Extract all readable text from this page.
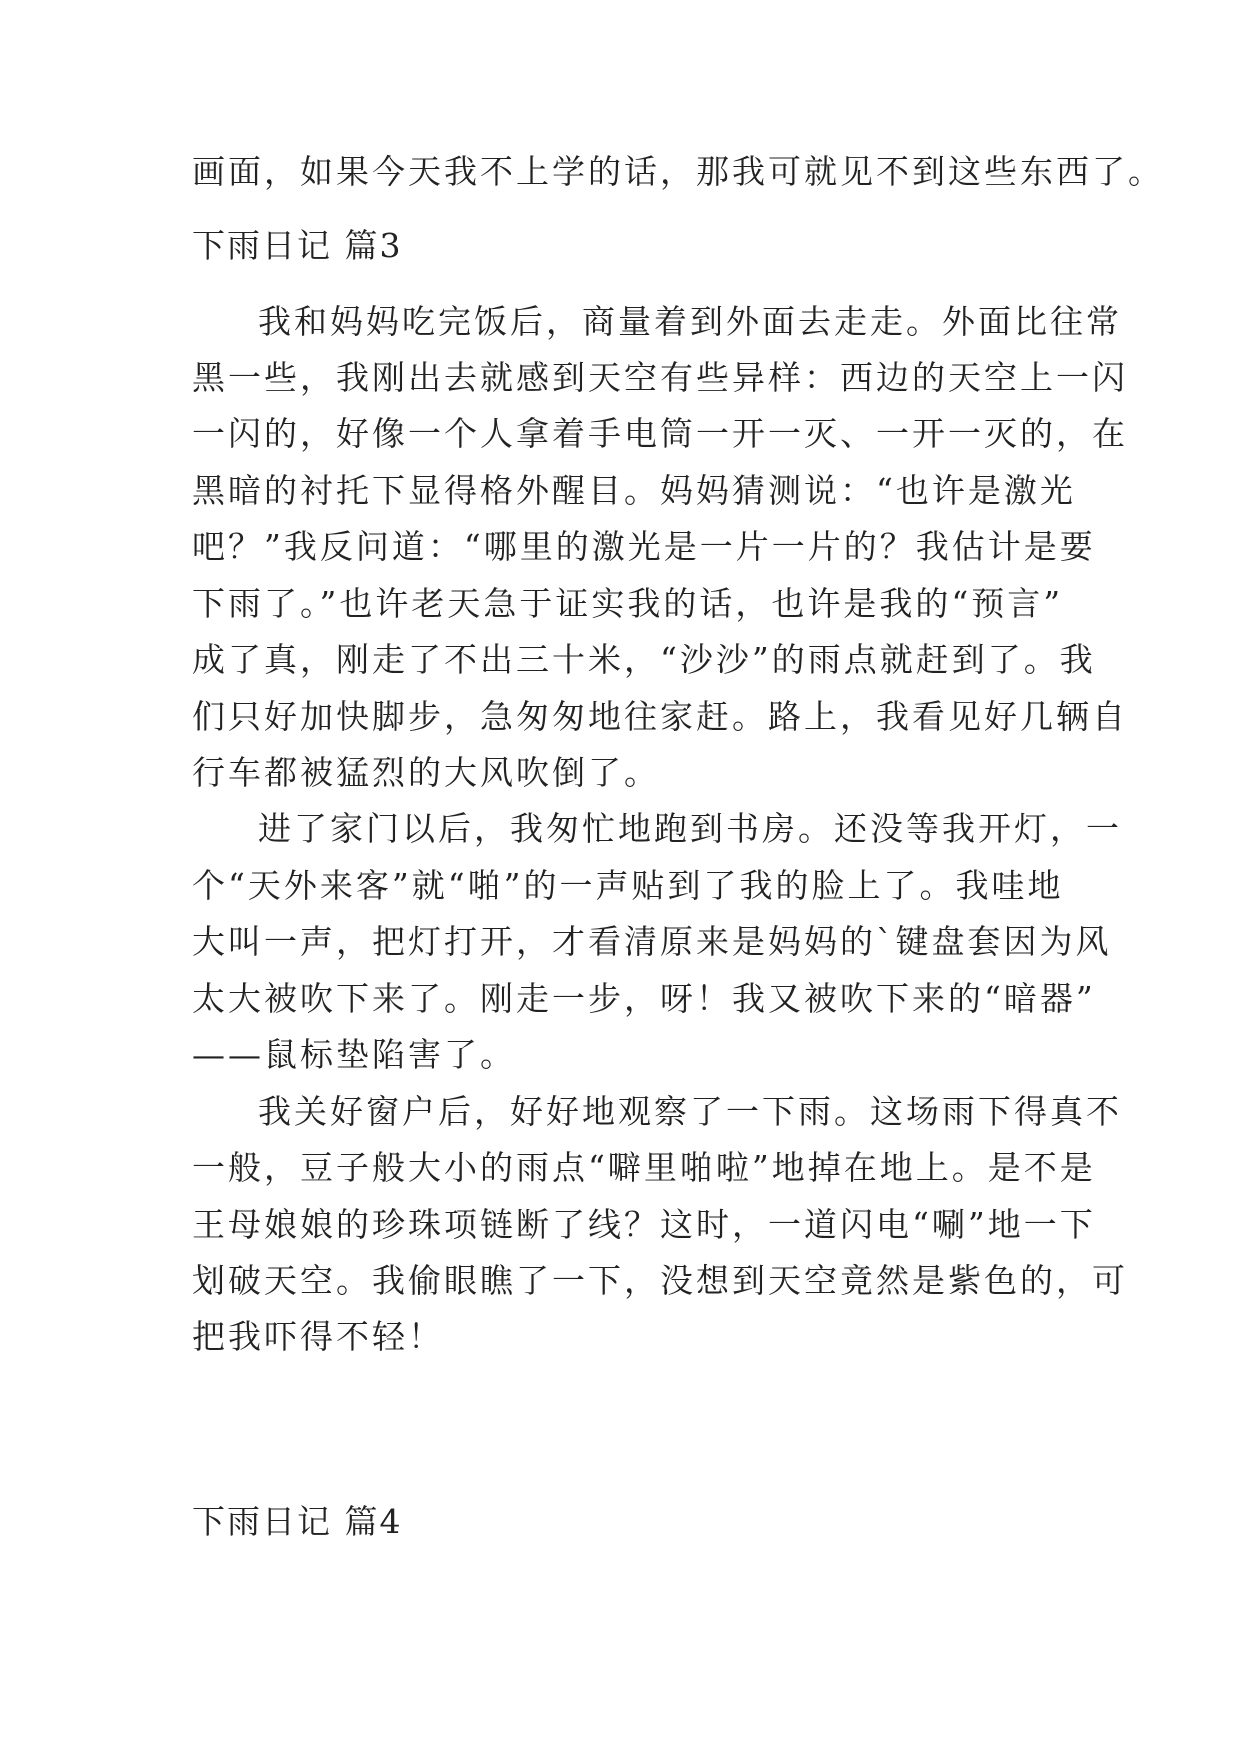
画面，如果今天我不上学的话，那我可就见不到这些东西了。
下雨日记 篇3
我和妈妈吃完饭后，商量着到外面去走走。外面比往常
黑一些，我刚出去就感到天空有些异样：西边的天空上一闪
一闪的，好像一个人拿着手电筒一开一灭、一开一灭的，在
黑暗的衬托下显得格外醒目。妈妈猜测说：“也许是激光
吧？”我反问道：“哪里的激光是一片一片的？我估计是要
下雨了。”也许老天急于证实我的话，也许是我的“预言”
成了真，刚走了不出三十米，“沙沙”的雨点就赶到了。我
们只好加快脚步，急匆匆地往家赶。路上，我看见好几辆自
行车都被猛烈的大风吹倒了。
进了家门以后，我匆忙地跑到书房。还没等我开灯，一
个“天外来客”就“啪”的一声贴到了我的脸上了。我哇地
大叫一声，把灯打开，才看清原来是妈妈的`键盘套因为风
太大被吹下来了。刚走一步，呀！我又被吹下来的“暗器”
——鼠标垫陷害了。
我关好窗户后，好好地观察了一下雨。这场雨下得真不
一般，豆子般大小的雨点“噼里啪啦”地掉在地上。是不是
王母娘娘的珍珠项链断了线？这时，一道闪电“唰”地一下
划破天空。我偷眼瞧了一下，没想到天空竟然是紫色的，可
把我吓得不轻！
下雨日记 篇4
